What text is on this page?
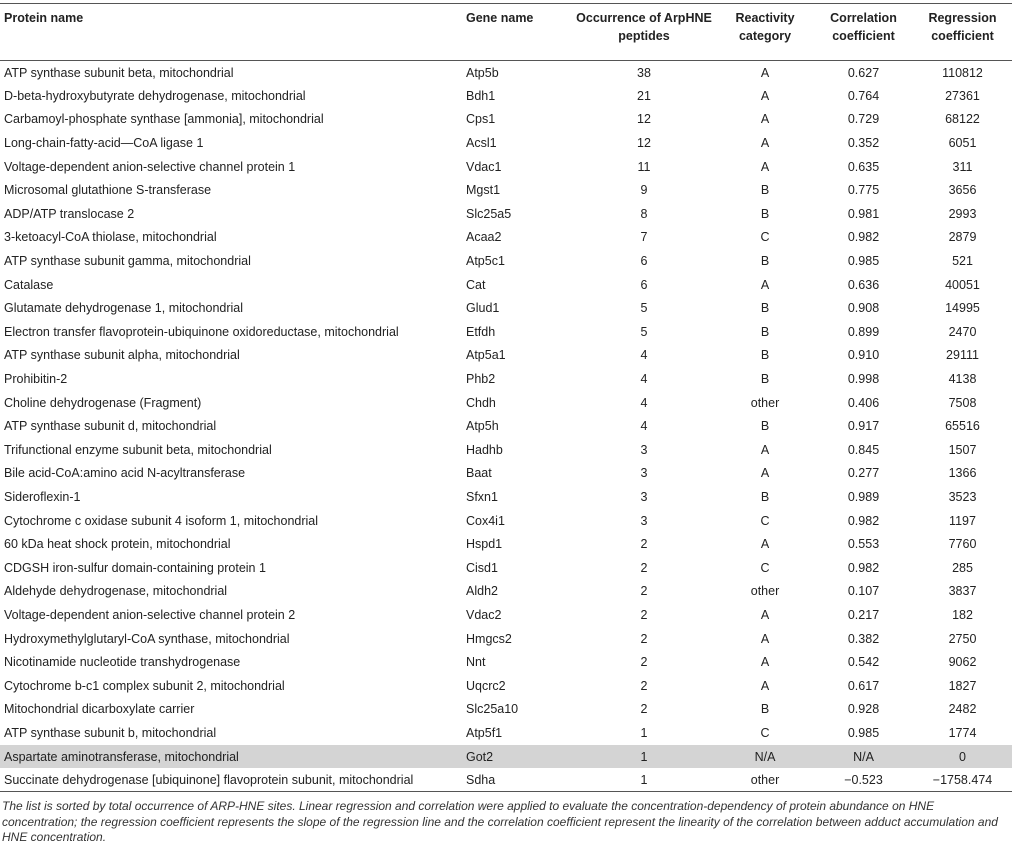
Protein name	Gene name	Occurrence of ArpHNE peptides	Reactivity category	Correlation coefficient	Regression coefficient
ATP synthase subunit beta, mitochondrial	Atp5b	38	A	0.627	110812
D-beta-hydroxybutyrate dehydrogenase, mitochondrial	Bdh1	21	A	0.764	27361
Carbamoyl-phosphate synthase [ammonia], mitochondrial	Cps1	12	A	0.729	68122
Long-chain-fatty-acid—CoA ligase 1	Acsl1	12	A	0.352	6051
Voltage-dependent anion-selective channel protein 1	Vdac1	11	A	0.635	311
Microsomal glutathione S-transferase	Mgst1	9	B	0.775	3656
ADP/ATP translocase 2	Slc25a5	8	B	0.981	2993
3-ketoacyl-CoA thiolase, mitochondrial	Acaa2	7	C	0.982	2879
ATP synthase subunit gamma, mitochondrial	Atp5c1	6	B	0.985	521
Catalase	Cat	6	A	0.636	40051
Glutamate dehydrogenase 1, mitochondrial	Glud1	5	B	0.908	14995
Electron transfer flavoprotein-ubiquinone oxidoreductase, mitochondrial	Etfdh	5	B	0.899	2470
ATP synthase subunit alpha, mitochondrial	Atp5a1	4	B	0.910	29111
Prohibitin-2	Phb2	4	B	0.998	4138
Choline dehydrogenase (Fragment)	Chdh	4	other	0.406	7508
ATP synthase subunit d, mitochondrial	Atp5h	4	B	0.917	65516
Trifunctional enzyme subunit beta, mitochondrial	Hadhb	3	A	0.845	1507
Bile acid-CoA:amino acid N-acyltransferase	Baat	3	A	0.277	1366
Sideroflexin-1	Sfxn1	3	B	0.989	3523
Cytochrome c oxidase subunit 4 isoform 1, mitochondrial	Cox4i1	3	C	0.982	1197
60 kDa heat shock protein, mitochondrial	Hspd1	2	A	0.553	7760
CDGSH iron-sulfur domain-containing protein 1	Cisd1	2	C	0.982	285
Aldehyde dehydrogenase, mitochondrial	Aldh2	2	other	0.107	3837
Voltage-dependent anion-selective channel protein 2	Vdac2	2	A	0.217	182
Hydroxymethylglutaryl-CoA synthase, mitochondrial	Hmgcs2	2	A	0.382	2750
Nicotinamide nucleotide transhydrogenase	Nnt	2	A	0.542	9062
Cytochrome b-c1 complex subunit 2, mitochondrial	Uqcrc2	2	A	0.617	1827
Mitochondrial dicarboxylate carrier	Slc25a10	2	B	0.928	2482
ATP synthase subunit b, mitochondrial	Atp5f1	1	C	0.985	1774
Aspartate aminotransferase, mitochondrial	Got2	1	N/A	N/A	0
Succinate dehydrogenase [ubiquinone] flavoprotein subunit, mitochondrial	Sdha	1	other	−0.523	−1758.474
The list is sorted by total occurrence of ARP-HNE sites. Linear regression and correlation were applied to evaluate the concentration-dependency of protein abundance on HNE concentration; the regression coefficient represents the slope of the regression line and the correlation coefficient represent the linearity of the correlation between adduct accumulation and HNE concentration.
